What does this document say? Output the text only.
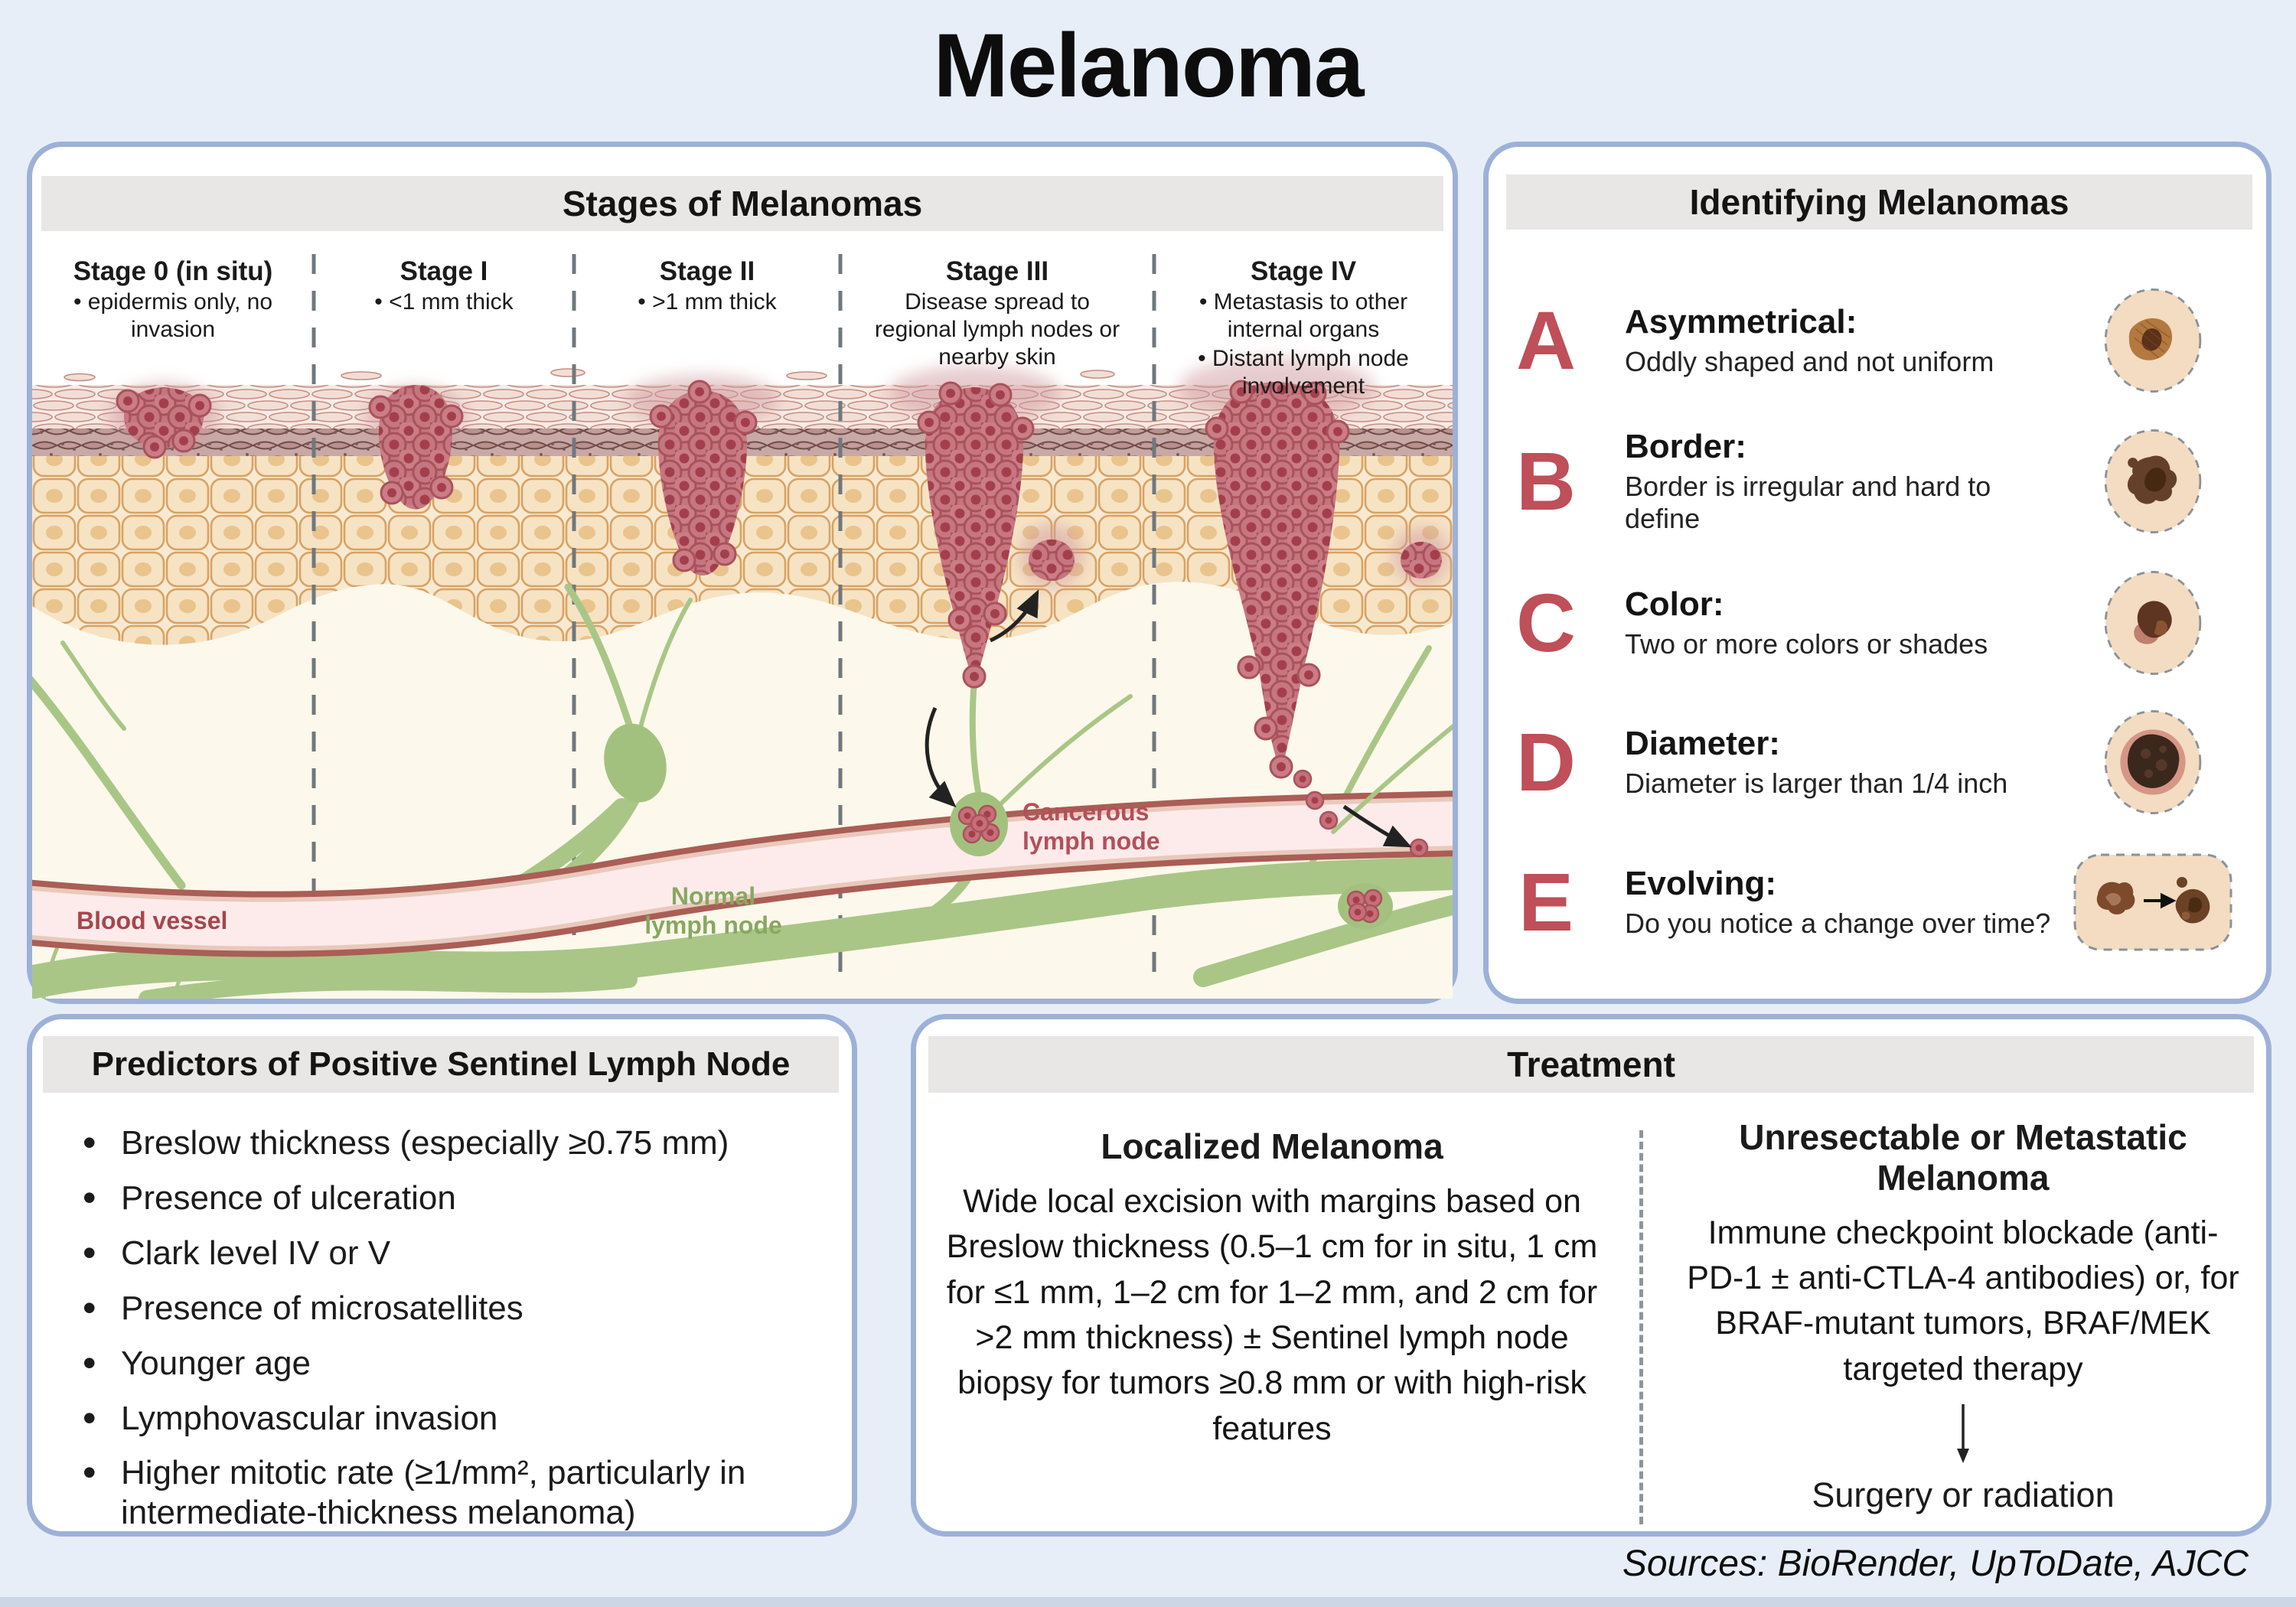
Melanoma
Stages of Melanomas
Stage 0 (in situ)
• epidermis only, no invasion
Stage I
• <1 mm thick
Stage II
• >1 mm thick
Stage III
Disease spread to regional lymph nodes or nearby skin
Stage IV
• Metastasis to other internal organs
• Distant lymph node involvement
Blood vessel
Normal
lymph node
Cancerous
lymph node
Identifying Melanomas
A	Asymmetrical:
Oddly shaped and not uniform
B	Border:
Border is irregular and hard to define
C	Color:
Two or more colors or shades
D	Diameter:
Diameter is larger than 1/4 inch
E	Evolving:
Do you notice a change over time?
Predictors of Positive Sentinel Lymph Node
• Breslow thickness (especially ≥0.75 mm)
• Presence of ulceration
• Clark level IV or V
• Presence of microsatellites
• Younger age
• Lymphovascular invasion
• Higher mitotic rate (≥1/mm², particularly in intermediate-thickness melanoma)
Treatment
Localized Melanoma
Wide local excision with margins based on Breslow thickness (0.5–1 cm for in situ, 1 cm for ≤1 mm, 1–2 cm for 1–2 mm, and 2 cm for >2 mm thickness) ± Sentinel lymph node biopsy for tumors ≥0.8 mm or with high-risk features
Unresectable or Metastatic Melanoma
Immune checkpoint blockade (anti-PD-1 ± anti-CTLA-4 antibodies) or, for BRAF-mutant tumors, BRAF/MEK targeted therapy
Surgery or radiation
Sources: BioRender, UpToDate, AJCC
